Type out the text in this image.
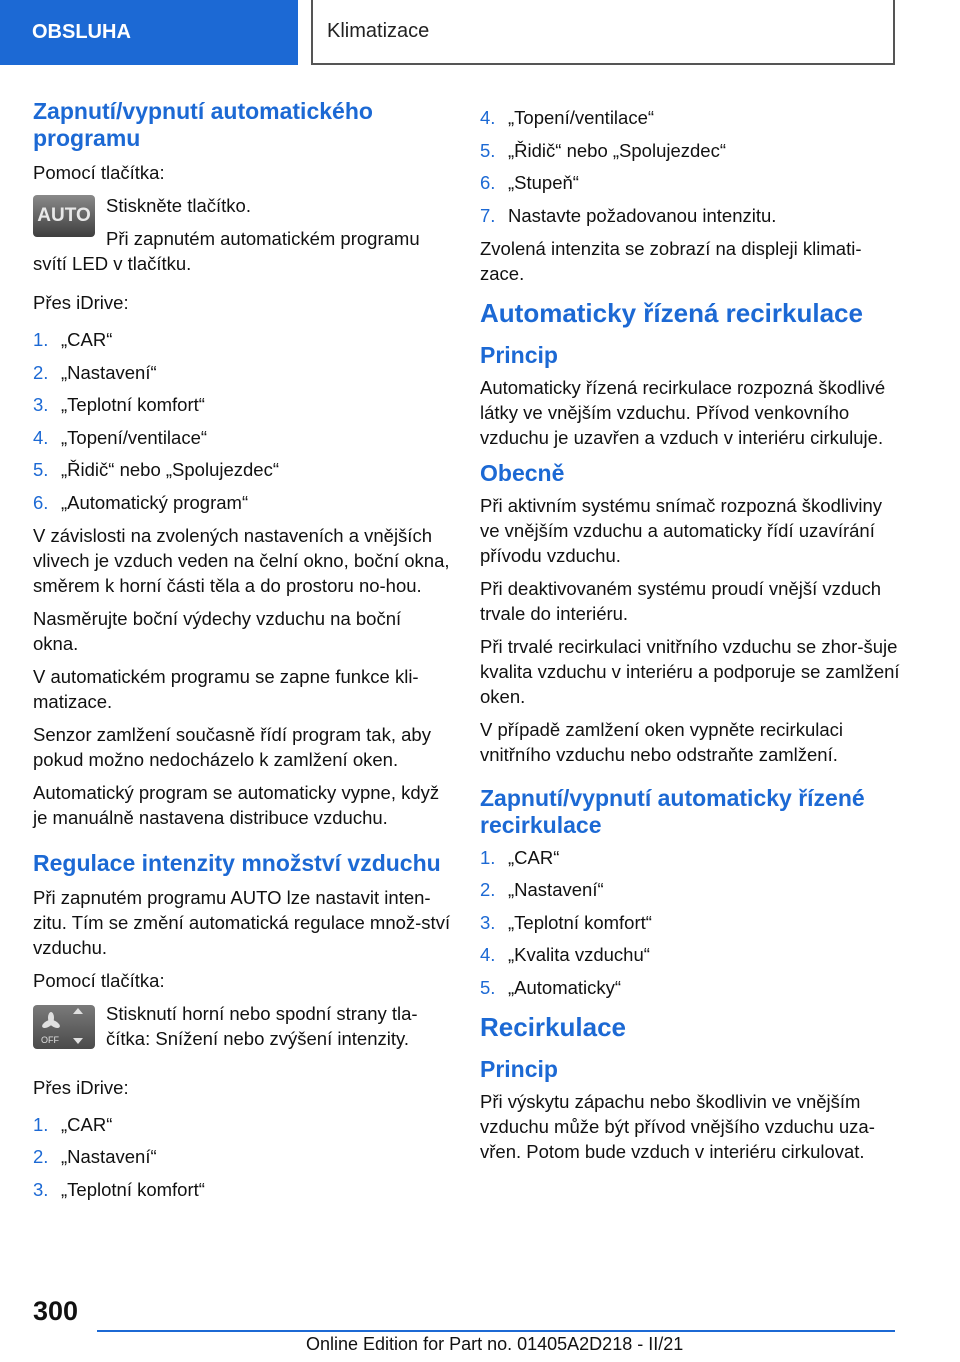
OBSLUHA	Klimatizace
Zapnutí/vypnutí automatického programu

Pomocí tlačítka:

AUTO Stiskněte tlačítko.

Při zapnutém automatickém programu

svítí LED v tlačítku.

Přes iDrive:

1. „CAR“
2. „Nastavení“
3. „Teplotní komfort“
4. „Topení/ventilace“
5. „Řidič“ nebo „Spolujezdec“
6. „Automatický program“

V závislosti na zvolených nastaveních a vnějších vlivech je vzduch veden na čelní okno, boční okna, směrem k horní části těla a do prostoru no-hou.

Nasměrujte boční výdechy vzduchu na boční okna.

V automatickém programu se zapne funkce kli-matizace.

Senzor zamlžení současně řídí program tak, aby pokud možno nedocházelo k zamlžení oken.

Automatický program se automaticky vypne, když je manuálně nastavena distribuce vzduchu.

Regulace intenzity množství vzduchu

Při zapnutém programu AUTO lze nastavit inten-zitu. Tím se změní automatická regulace množ-ství vzduchu.

Pomocí tlačítka:

OFF

Stisknutí horní nebo spodní strany tla-čítka: Snížení nebo zvýšení intenzity.

Přes iDrive:

1. „CAR“
2. „Nastavení“
3. „Teplotní komfort“
4. „Topení/ventilace“
5. „Řidič“ nebo „Spolujezdec“
6. „Stupeň“
7. Nastavte požadovanou intenzitu.

Zvolená intenzita se zobrazí na displeji klimati-zace.

Automaticky řízená recirkulace
Princip

Automaticky řízená recirkulace rozpozná škodlivé látky ve vnějším vzduchu. Přívod venkovního vzduchu je uzavřen a vzduch v interiéru cirkuluje.

Obecně

Při aktivním systému snímač rozpozná škodliviny ve vnějším vzduchu a automaticky řídí uzavírání přívodu vzduchu.

Při deaktivovaném systému proudí vnější vzduch trvale do interiéru.

Při trvalé recirkulaci vnitřního vzduchu se zhor-šuje kvalita vzduchu v interiéru a podporuje se zamlžení oken.

V případě zamlžení oken vypněte recirkulaci vnitřního vzduchu nebo odstraňte zamlžení.

Zapnutí/vypnutí automaticky řízené recirkulace
1. „CAR“
2. „Nastavení“
3. „Teplotní komfort“
4. „Kvalita vzduchu“
5. „Automaticky“
Recirkulace
Princip

Při výskytu zápachu nebo škodlivin ve vnějším vzduchu může být přívod vnějšího vzduchu uza-vřen. Potom bude vzduch v interiéru cirkulovat.

300
Online Edition for Part no. 01405A2D218 - II/21
